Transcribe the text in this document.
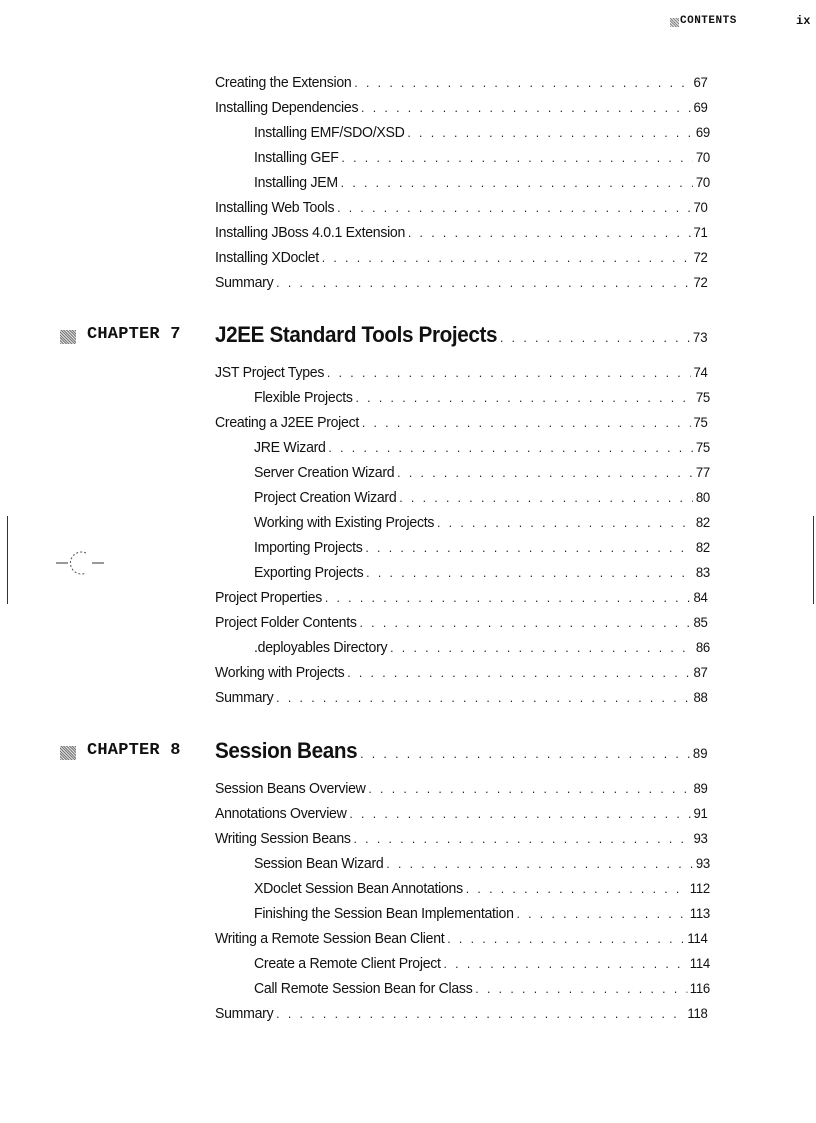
CONTENTS	ix
Creating the Extension . . .	67
Installing Dependencies . . .	69
Installing EMF/SDO/XSD . . .	69
Installing GEF . . .	70
Installing JEM . . .	70
Installing Web Tools . . .	70
Installing JBoss 4.0.1 Extension . . .	71
Installing XDoclet . . .	72
Summary . . .	72
CHAPTER 7 J2EE Standard Tools Projects . . .	73
JST Project Types . . .	74
Flexible Projects . . .	75
Creating a J2EE Project . . .	75
JRE Wizard . . .	75
Server Creation Wizard . . .	77
Project Creation Wizard . . .	80
Working with Existing Projects . . .	82
Importing Projects . . .	82
Exporting Projects . . .	83
Project Properties . . .	84
Project Folder Contents . . .	85
.deployables Directory . . .	86
Working with Projects . . .	87
Summary . . .	88
CHAPTER 8 Session Beans . . .	89
Session Beans Overview . . .	89
Annotations Overview . . .	91
Writing Session Beans . . .	93
Session Bean Wizard . . .	93
XDoclet Session Bean Annotations . . .	112
Finishing the Session Bean Implementation . . .	113
Writing a Remote Session Bean Client . . .	114
Create a Remote Client Project . . .	114
Call Remote Session Bean for Class . . .	116
Summary . . .	118
